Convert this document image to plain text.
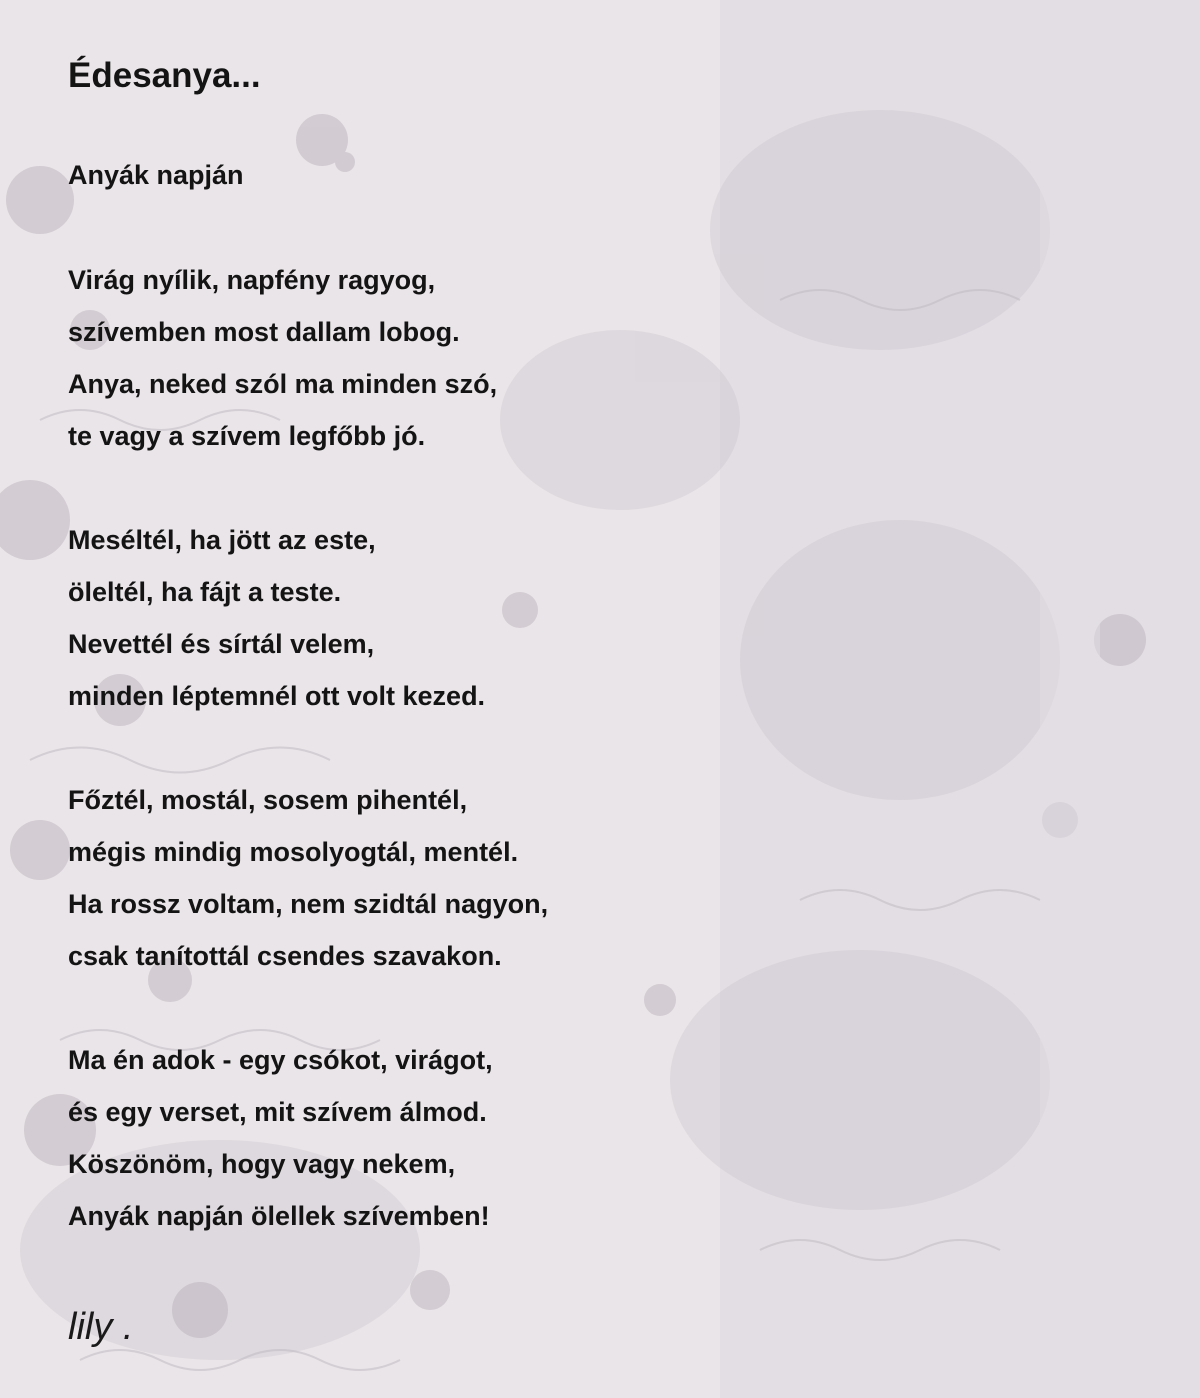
Édesanya...
Anyák napján
Virág nyílik, napfény ragyog,
szívemben most dallam lobog.
Anya, neked szól ma minden szó,
te vagy a szívem legfőbb jó.
Meséltél, ha jött az este,
öleltél, ha fájt a teste.
Nevettél és sírtál velem,
minden léptemnél ott volt kezed.
Főztél, mostál, sosem pihentél,
mégis mindig mosolyogtál, mentél.
Ha rossz voltam, nem szidtál nagyon,
csak tanítottál csendes szavakon.
Ma én adok - egy csókot, virágot,
és egy verset, mit szívem álmod.
Köszönöm, hogy vagy nekem,
Anyák napján ölellek szívemben!
lily .
